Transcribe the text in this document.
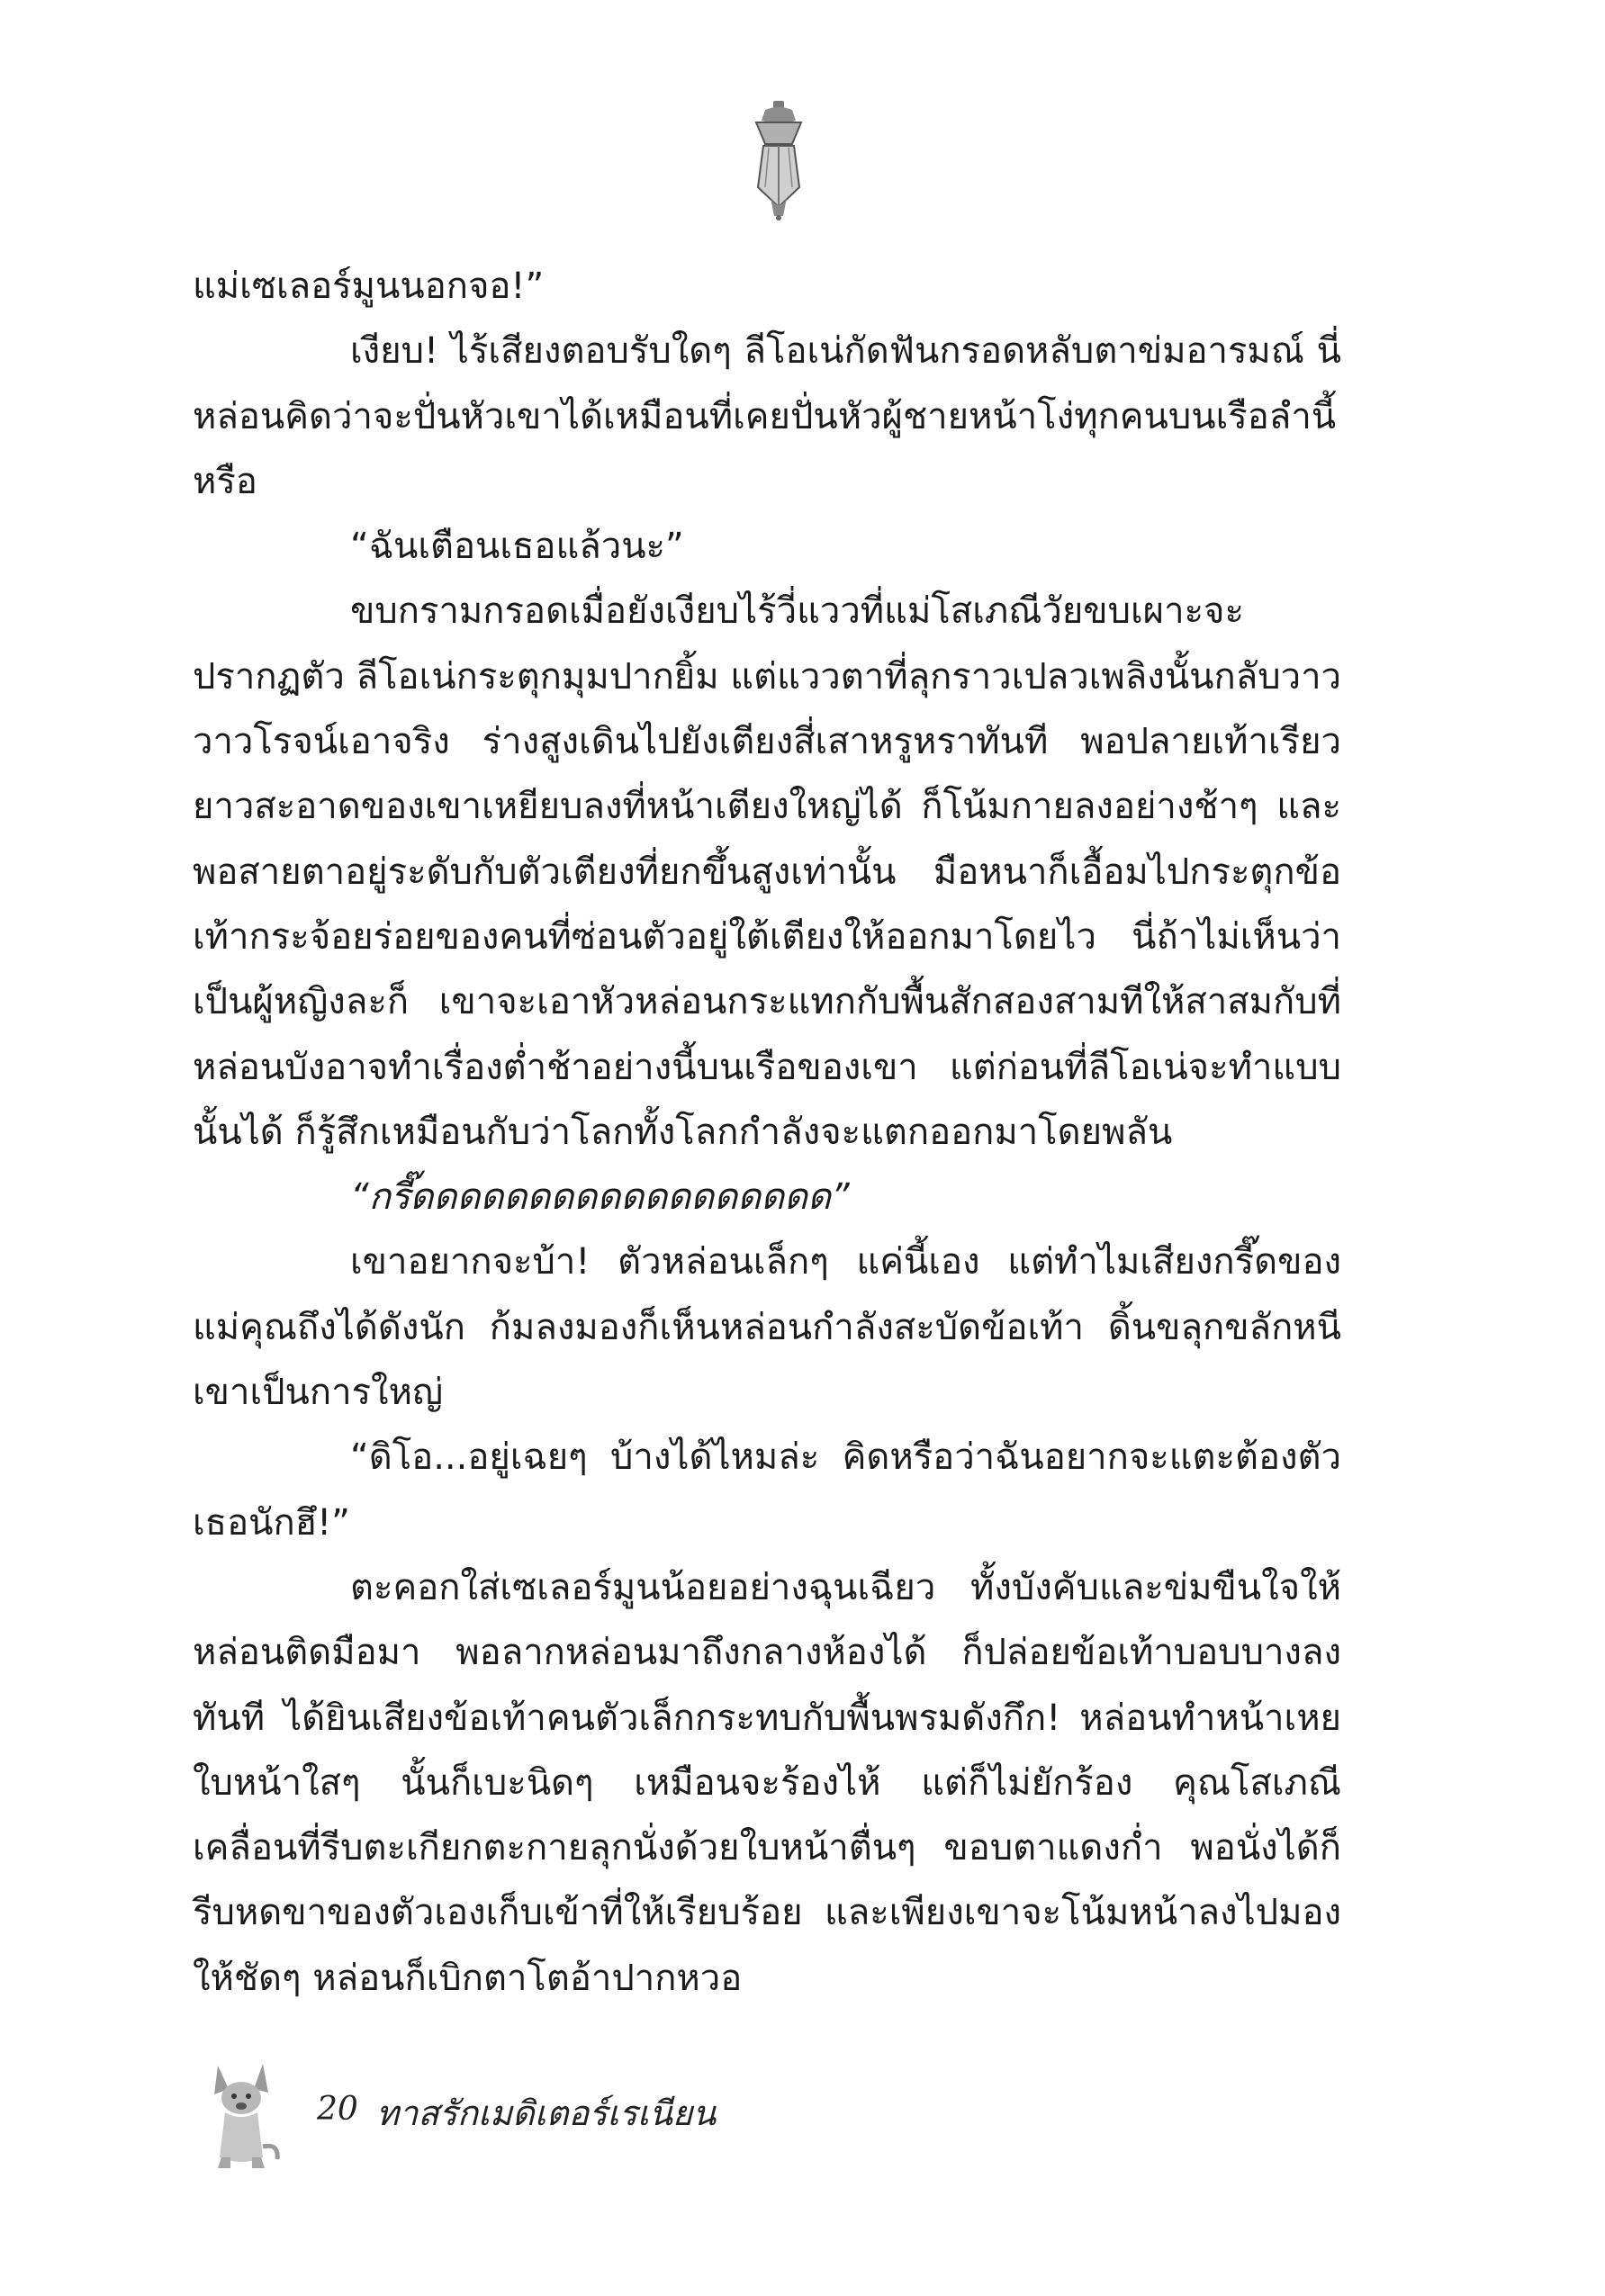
แม่เซเลอร์มูนนอกจอ!”

เงียบ! ไร้เสียงตอบรับใดๆ ลีโอเน่กัดฟันกรอดหลับตาข่มอารมณ์ นี่หล่อนคิดว่าจะปั่นหัวเขาได้เหมือนที่เคยปั่นหัวผู้ชายหน้าโง่ทุกคนบนเรือลำนี้หรือ

“ฉันเตือนเธอแล้วนะ”

ขบกรามกรอดเมื่อยังเงียบไร้วี่แววที่แม่โสเภณีวัยขบเผาะจะปรากฏตัว ลีโอเน่กระตุกมุมปากยิ้ม แต่แววตาที่ลุกราวเปลวเพลิงนั้นกลับวาววาวโรจน์เอาจริง ร่างสูงเดินไปยังเตียงสี่เสาหรูหราทันที พอปลายเท้าเรียวยาวสะอาดของเขาเหยียบลงที่หน้าเตียงใหญ่ได้ ก็โน้มกายลงอย่างช้าๆ และพอสายตาอยู่ระดับกับตัวเตียงที่ยกขึ้นสูงเท่านั้น มือหนาก็เอื้อมไปกระตุกข้อเท้ากระจ้อยร่อยของคนที่ซ่อนตัวอยู่ใต้เตียงให้ออกมาโดยไว นี่ถ้าไม่เห็นว่าเป็นผู้หญิงละก็ เขาจะเอาหัวหล่อนกระแทกกับพื้นสักสองสามทีให้สาสมกับที่หล่อนบังอาจทำเรื่องต่ำช้าอย่างนี้บนเรือของเขา แต่ก่อนที่ลีโอเน่จะทำแบบนั้นได้ ก็รู้สึกเหมือนกับว่าโลกทั้งโลกกำลังจะแตกออกมาโดยพลัน

“กรี๊ดดดดดดดดดดดดดดดดดด”

เขาอยากจะบ้า! ตัวหล่อนเล็กๆ แค่นี้เอง แต่ทำไมเสียงกรี๊ดของแม่คุณถึงได้ดังนัก ก้มลงมองก็เห็นหล่อนกำลังสะบัดข้อเท้า ดิ้นขลุกขลักหนีเขาเป็นการใหญ่

“ดิโอ...อยู่เฉยๆ บ้างได้ไหมล่ะ คิดหรือว่าฉันอยากจะแตะต้องตัวเธอนักฮึ!”

ตะคอกใส่เซเลอร์มูนน้อยอย่างฉุนเฉียว ทั้งบังคับและข่มขืนใจให้หล่อนติดมือมา พอลากหล่อนมาถึงกลางห้องได้ ก็ปล่อยข้อเท้าบอบบางลงทันที ได้ยินเสียงข้อเท้าคนตัวเล็กกระทบกับพื้นพรมดังกึก! หล่อนทำหน้าเหย ใบหน้าใสๆ นั้นก็เบะนิดๆ เหมือนจะร้องไห้ แต่ก็ไม่ยักร้อง คุณโสเภณีเคลื่อนที่รีบตะเกียกตะกายลุกนั่งด้วยใบหน้าตื่นๆ ขอบตาแดงก่ำ พอนั่งได้ก็รีบหดขาของตัวเองเก็บเข้าที่ให้เรียบร้อย และเพียงเขาจะโน้มหน้าลงไปมองให้ชัดๆ หล่อนก็เบิกตาโตอ้าปากหวอ

20 ทาสรักเมดิเตอร์เรเนียน
